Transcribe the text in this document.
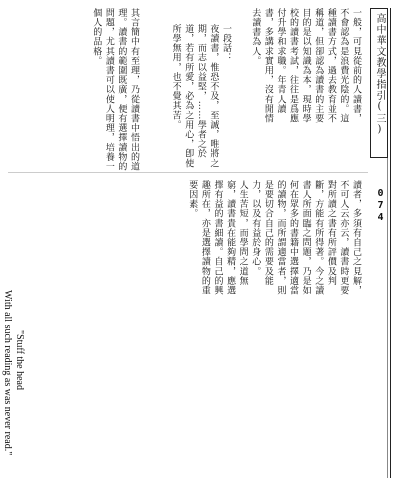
高中華文教學指引(三)
074
一般，可見從前的人讀書，不會認為是浪費光陰的。這種讀書方式，過去教育並不稱道，但卻認為讀書的主要目的是以知識為本，現時學校的讀書考試，往往是爲應付升學和求職。年青人讀書，多講求實用，沒有閒情去讀書為人。
一段話：
夜讀書，惟恐不及，至誠，唯將之期，而志以益堅，……學者之於道，若有所愛，必為之用心，卽使所學無用，也不覺其苦。
其言簡中有至理，乃從讀書中悟出的道理。讀書的範圍既廣，便有選擇讀物的問題，尤其讀書可以使人明理，培養一個人的品格。
讀者，多須有自己之見解，不可人云亦云，讀書時更要對所讀之書有所評價及判斷，方能有所得著。今之讀書人所面臨之問題，乃是如何在眾多的書籍中選擇適當的讀物，而所謂適當者，則是要切合自己的需要及能力，以及有益於身心。
人生苦短，而學問之道無窮，讀書貴在能夠精，應選擇有益的書細讀。自己的興趣所在，亦是選擇讀物的重要因素。
"Stuff the head
With all such reading as was never read."
